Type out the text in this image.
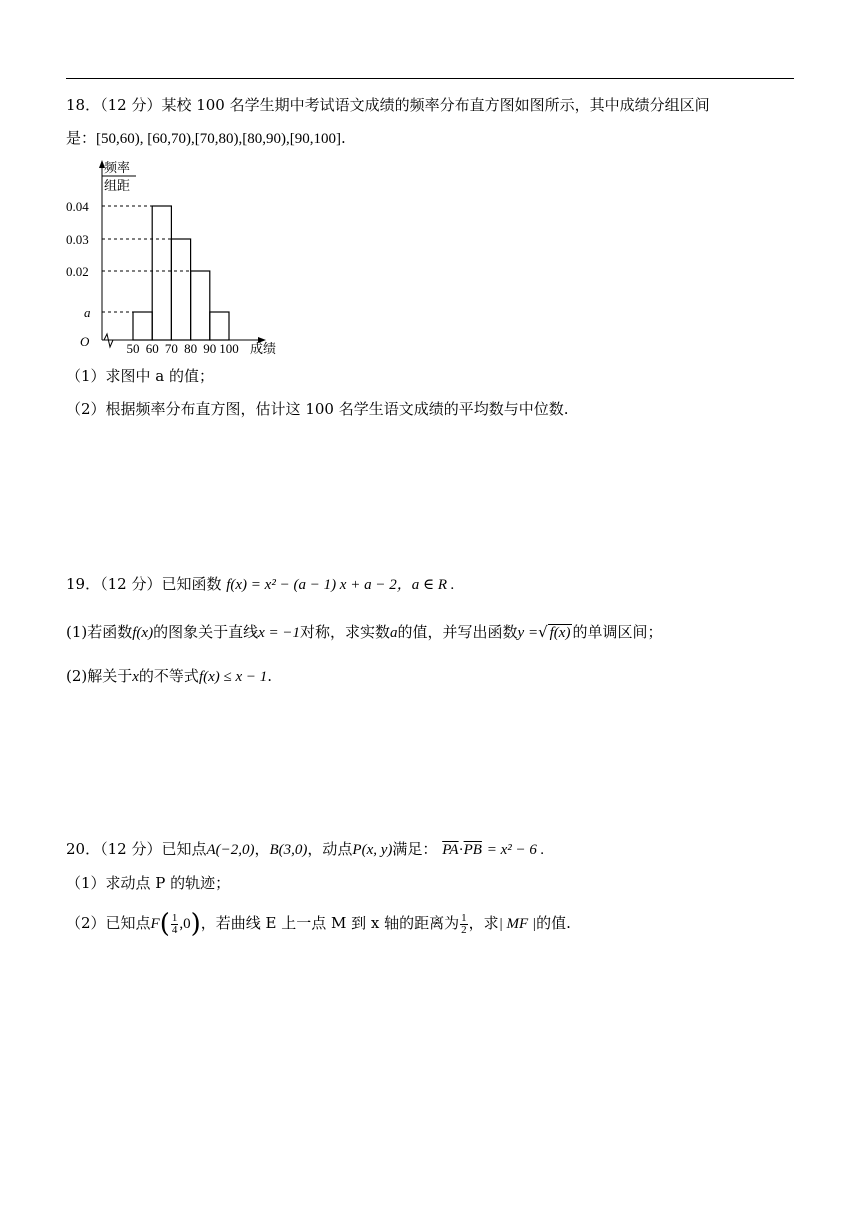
18．（12 分）某校 100 名学生期中考试语文成绩的频率分布直方图如图所示，其中成绩分组区间
是：[50,60), [60,70),[70,80),[80,90),[90,100].
0.04
0.03
0.02
a
50 60 70 80 90 100
频率
组距
O	成绩
（1）求图中 a 的值；
（2）根据频率分布直方图，估计这 100 名学生语文成绩的平均数与中位数.
19．（12 分）已知函数 f(x) = x² − (a − 1) x + a − 2，a ∈ R .
(1)若函数f(x)的图象关于直线x = −1对称，求实数a的值，并写出函数y =√ f(x) 的单调区间；
(2)解关于x的不等式f(x) ≤ x − 1.
20．（12 分）已知点A(−2,0)，B(3,0)，动点P(x, y)满足： $\overline{PA}\cdot\overline{PB} = x^2 - 6$ .
（1）求动点 P 的轨迹；
（2）已知点$F( \frac{1}{4} ,0)$，若曲线 E 上一点 M 到 x 轴的距离为 $\frac{1}{2}$ ，求| MF |的值.
